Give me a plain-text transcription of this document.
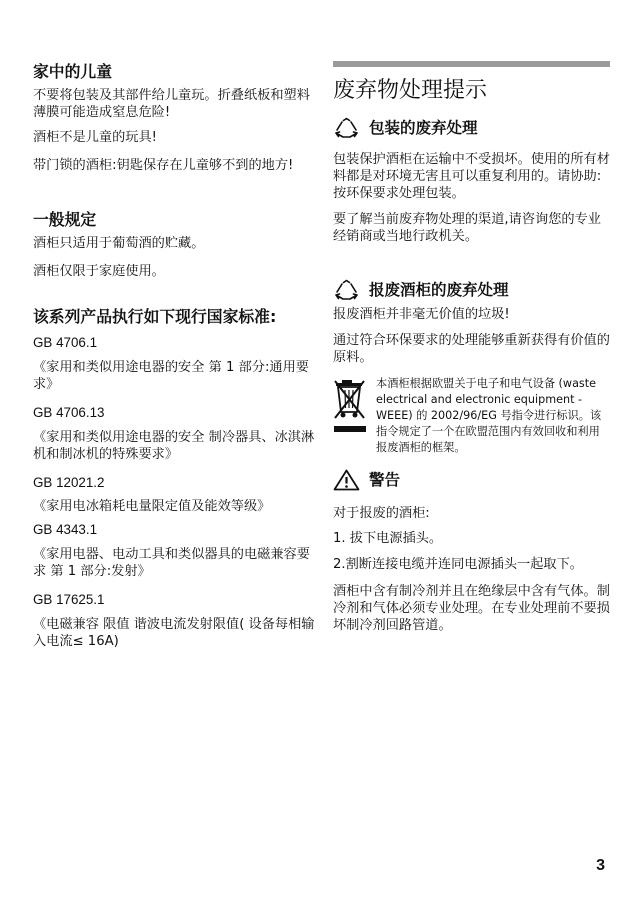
家中的儿童

不要将包装及其部件给儿童玩。折叠纸板和塑料薄膜可能造成窒息危险!

酒柜不是儿童的玩具!

带门锁的酒柜:钥匙保存在儿童够不到的地方!

一般规定

酒柜只适用于葡萄酒的贮藏。

酒柜仅限于家庭使用。

该系列产品执行如下现行国家标准:

GB 4706.1

《家用和类似用途电器的安全 第 1 部分:通用要求》

GB 4706.13

《家用和类似用途电器的安全 制冷器具、冰淇淋机和制冰机的特殊要求》

GB 12021.2

《家用电冰箱耗电量限定值及能效等级》

GB 4343.1

《家用电器、电动工具和类似器具的电磁兼容要求 第 1 部分:发射》

GB 17625.1

《电磁兼容 限值 谐波电流发射限值( 设备每相输入电流≤ 16A)

废弃物处理提示

包装的废弃处理

包装保护酒柜在运输中不受损坏。使用的所有材料都是对环境无害且可以重复利用的。请协助:按环保要求处理包装。

要了解当前废弃物处理的渠道,请咨询您的专业经销商或当地行政机关。

报废酒柜的废弃处理

报废酒柜并非毫无价值的垃圾!

通过符合环保要求的处理能够重新获得有价值的原料。

本酒柜根据欧盟关于电子和电气设备 (waste electrical and electronic equipment - WEEE) 的 2002/96/EG 号指令进行标识。该指令规定了一个在欧盟范围内有效回收和利用报废酒柜的框架。

警告

对于报废的酒柜:

1. 拔下电源插头。

2.割断连接电缆并连同电源插头一起取下。

酒柜中含有制冷剂并且在绝缘层中含有气体。制冷剂和气体必须专业处理。在专业处理前不要损坏制冷剂回路管道。

3
